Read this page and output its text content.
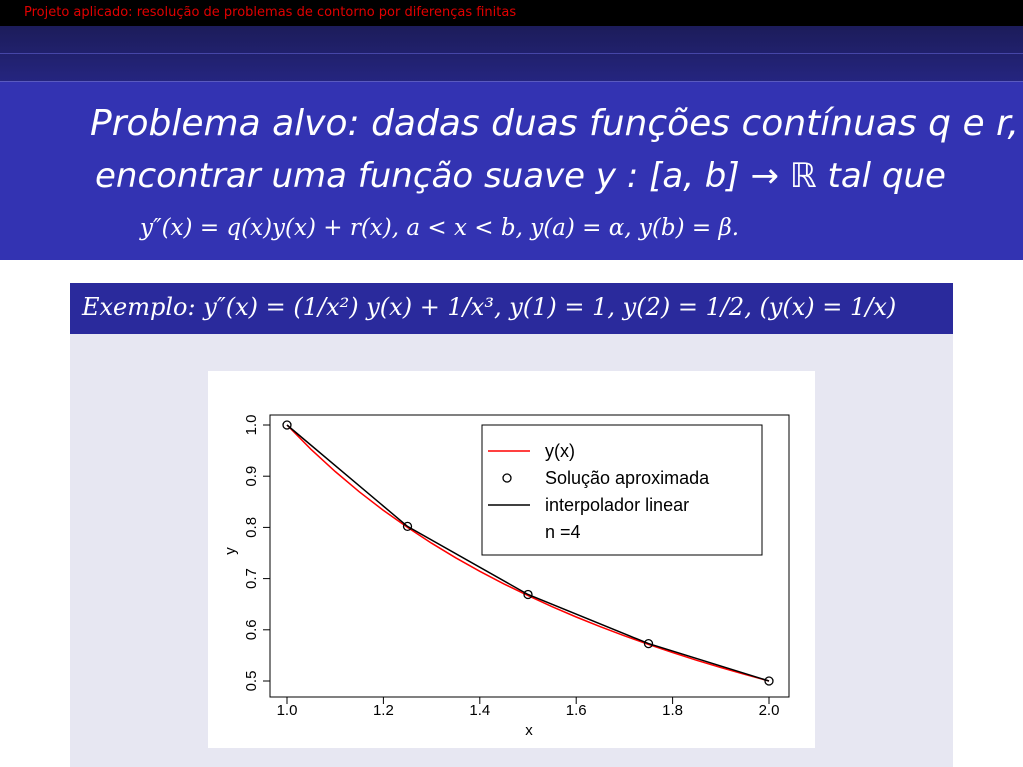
Projeto aplicado: resolução de problemas de contorno por diferenças finitas
Problema alvo: dadas duas funções contínuas q e r,
encontrar uma função suave y : [a, b] → ℝ tal que
y″(x) = q(x)y(x) + r(x), a < x < b, y(a) = α, y(b) = β.
Exemplo: y″(x) = (1/x²) y(x) + 1/x³, y(1) = 1, y(2) = 1/2, (y(x) = 1/x)
0.5
0.6
0.7
0.8
0.9
1.0
1.0	1.2	1.4	1.6	1.8	2.0
x
y
y(x)
Solução aproximada
interpolador linear
n =4
